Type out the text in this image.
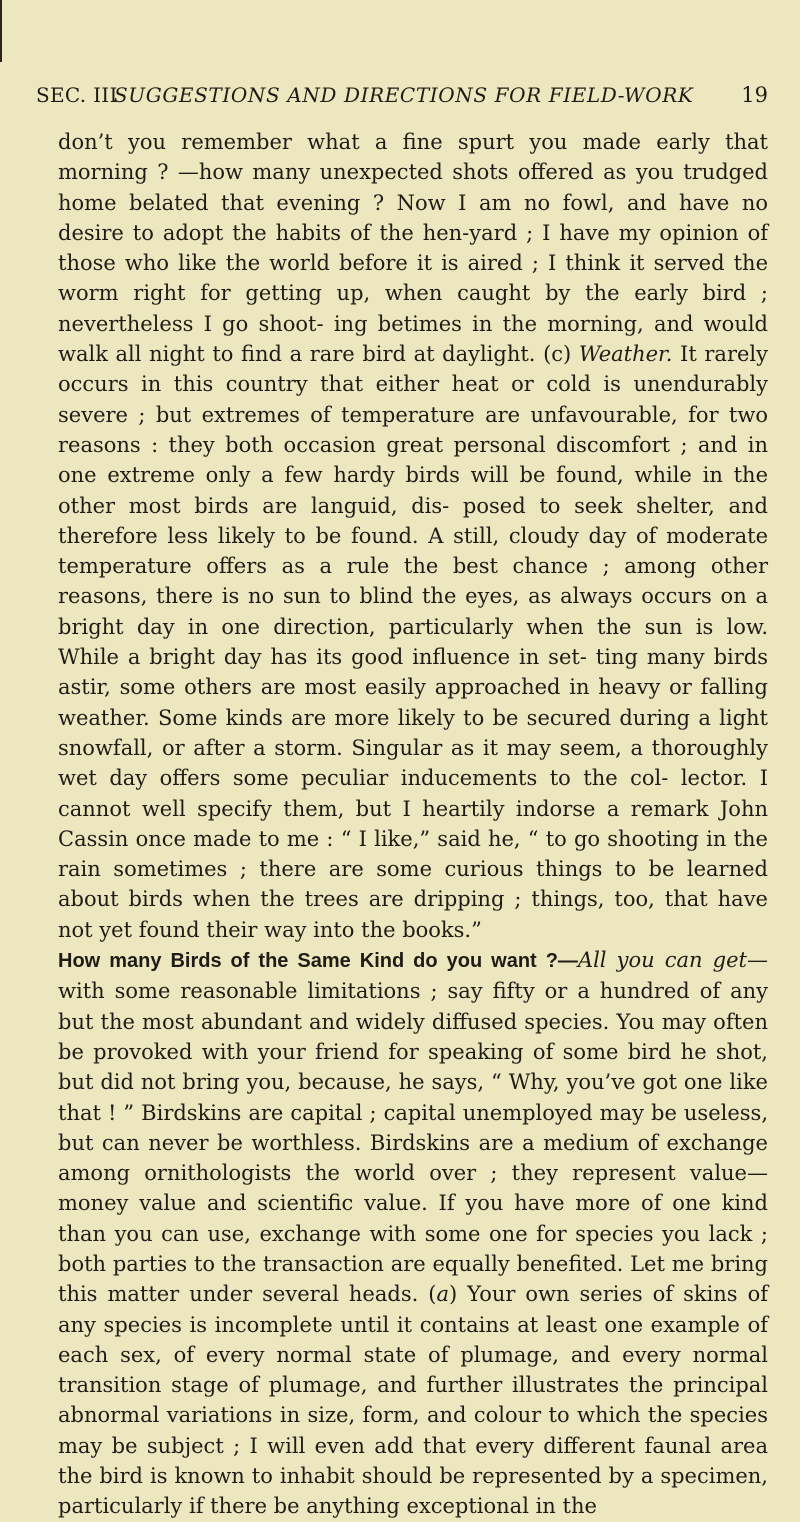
SEC. III
SUGGESTIONS AND DIRECTIONS FOR FIELD-WORK 19

don’t you remember what a fine spurt you made early that morning ? —how many unexpected shots offered as you trudged home belated that evening ? Now I am no fowl, and have no desire to adopt the habits of the hen-yard ; I have my opinion of those who like the world before it is aired ; I think it served the worm right for getting up, when caught by the early bird ; nevertheless I go shoot- ing betimes in the morning, and would walk all night to find a rare bird at daylight. (c) Weather. It rarely occurs in this country that either heat or cold is unendurably severe ; but extremes of temperature are unfavourable, for two reasons : they both occasion great personal discomfort ; and in one extreme only a few hardy birds will be found, while in the other most birds are languid, dis- posed to seek shelter, and therefore less likely to be found. A still, cloudy day of moderate temperature offers as a rule the best chance ; among other reasons, there is no sun to blind the eyes, as always occurs on a bright day in one direction, particularly when the sun is low. While a bright day has its good influence in set- ting many birds astir, some others are most easily approached in heavy or falling weather. Some kinds are more likely to be secured during a light snowfall, or after a storm. Singular as it may seem, a thoroughly wet day offers some peculiar inducements to the col- lector. I cannot well specify them, but I heartily indorse a remark John Cassin once made to me : “ I like,” said he, “ to go shooting in the rain sometimes ; there are some curious things to be learned about birds when the trees are dripping ; things, too, that have not yet found their way into the books.”

How many Birds of the Same Kind do you want ?—All you can get—with some reasonable limitations ; say fifty or a hundred of any but the most abundant and widely diffused species. You may often be provoked with your friend for speaking of some bird he shot, but did not bring you, because, he says, “ Why, you’ve got one like that ! ” Birdskins are capital ; capital unemployed may be useless, but can never be worthless. Birdskins are a medium of exchange among ornithologists the world over ; they represent value—money value and scientific value. If you have more of one kind than you can use, exchange with some one for species you lack ; both parties to the transaction are equally benefited. Let me bring this matter under several heads. (a) Your own series of skins of any species is incomplete until it contains at least one example of each sex, of every normal state of plumage, and every normal transition stage of plumage, and further illustrates the principal abnormal variations in size, form, and colour to which the species may be subject ; I will even add that every different faunal area the bird is known to inhabit should be represented by a specimen, particularly if there be anything exceptional in the
